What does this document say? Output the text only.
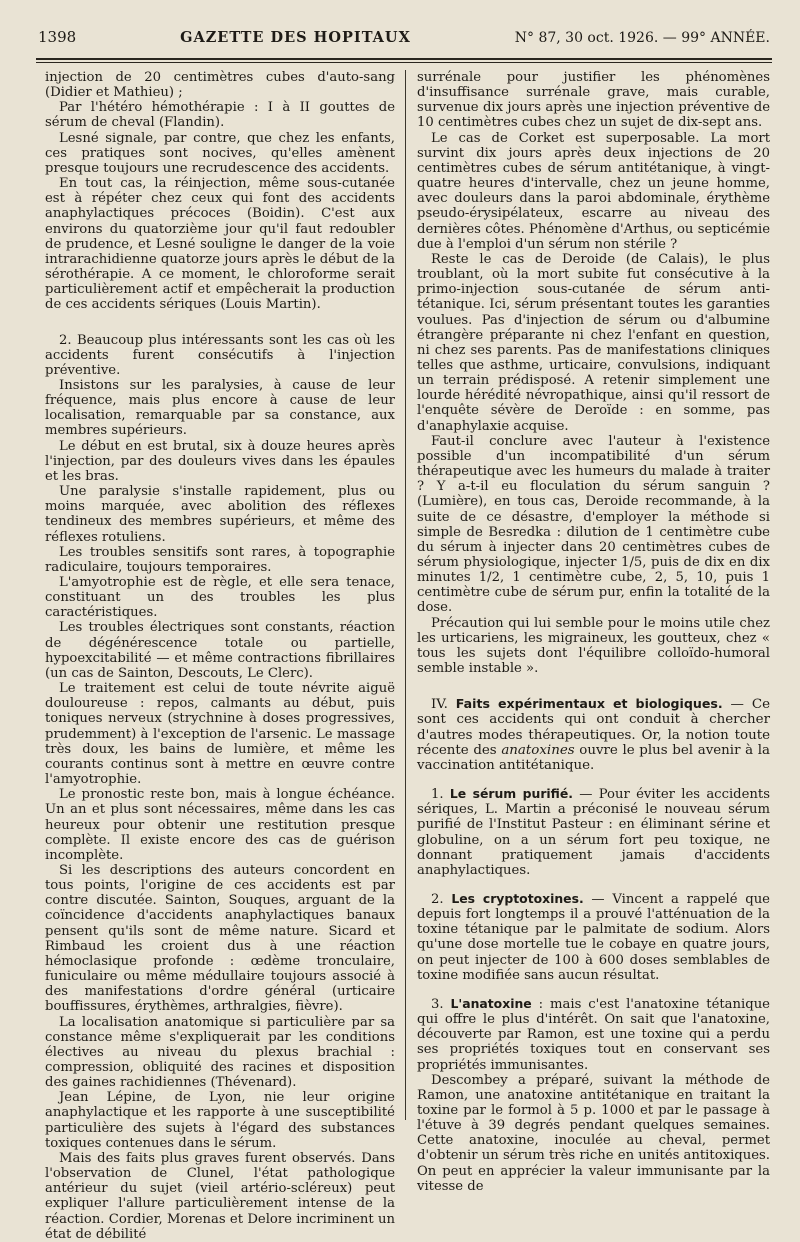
1398	GAZETTE DES HOPITAUX	N° 87, 30 oct. 1926. — 99° ANNÉE.

injection de 20 centimètres cubes d'auto-sang (Didier et Mathieu) ;

Par l'hétéro hémothérapie : I à II gouttes de sérum de cheval (Flandin).

Lesné signale, par contre, que chez les enfants, ces pratiques sont nocives, qu'elles amènent presque toujours une recrudescence des accidents.

En tout cas, la réinjection, même sous-cutanée est à répéter chez ceux qui font des accidents anaphylactiques précoces (Boidin). C'est aux environs du quatorzième jour qu'il faut redoubler de prudence, et Lesné souligne le danger de la voie intrarachidienne quatorze jours après le début de la sérothérapie. A ce moment, le chloroforme serait particulièrement actif et empêcherait la production de ces accidents sériques (Louis Martin).

2. Beaucoup plus intéressants sont les cas où les accidents furent consécutifs à l'injection préventive.

Insistons sur les paralysies, à cause de leur fréquence, mais plus encore à cause de leur localisation, remarquable par sa constance, aux membres supérieurs.

Le début en est brutal, six à douze heures après l'injection, par des douleurs vives dans les épaules et les bras.

Une paralysie s'installe rapidement, plus ou moins marquée, avec abolition des réflexes tendineux des membres supérieurs, et même des réflexes rotuliens.

Les troubles sensitifs sont rares, à topographie radiculaire, toujours temporaires.

L'amyotrophie est de règle, et elle sera tenace, constituant un des troubles les plus caractéristiques.

Les troubles électriques sont constants, réaction de dégénérescence totale ou partielle, hypoexcitabilité — et même contractions fibrillaires (un cas de Sainton, Descouts, Le Clerc).

Le traitement est celui de toute névrite aiguë douloureuse : repos, calmants au début, puis toniques nerveux (strychnine à doses progressives, prudemment) à l'exception de l'arsenic. Le massage très doux, les bains de lumière, et même les courants continus sont à mettre en œuvre contre l'amyotrophie.

Le pronostic reste bon, mais à longue échéance. Un an et plus sont nécessaires, même dans les cas heureux pour obtenir une restitution presque complète. Il existe encore des cas de guérison incomplète.

Si les descriptions des auteurs concordent en tous points, l'origine de ces accidents est par contre discutée. Sainton, Souques, arguant de la coïncidence d'accidents anaphylactiques banaux pensent qu'ils sont de même nature. Sicard et Rimbaud les croient dus à une réaction hémoclasique profonde : œdème tronculaire, funiculaire ou même médullaire toujours associé à des manifestations d'ordre général (urticaire bouffissures, érythèmes, arthralgies, fièvre).

La localisation anatomique si particulière par sa constance même s'expliquerait par les conditions électives au niveau du plexus brachial : compression, obliquité des racines et disposition des gaines rachidiennes (Thévenard).

Jean Lépine, de Lyon, nie leur origine anaphylactique et les rapporte à une susceptibilité particulière des sujets à l'égard des substances toxiques contenues dans le sérum.

Mais des faits plus graves furent observés. Dans l'observation de Clunel, l'état pathologique antérieur du sujet (vieil artério-scléreux) peut expliquer l'allure particulièrement intense de la réaction. Cordier, Morenas et Delore incriminent un état de débilité

surrénale pour justifier les phénomènes d'insuffisance surrénale grave, mais curable, survenue dix jours après une injection préventive de 10 centimètres cubes chez un sujet de dix-sept ans.

Le cas de Corket est superposable. La mort survint dix jours après deux injections de 20 centimètres cubes de sérum antitétanique, à vingt-quatre heures d'intervalle, chez un jeune homme, avec douleurs dans la paroi abdominale, érythème pseudo-érysipélateux, escarre au niveau des dernières côtes. Phénomène d'Arthus, ou septicémie due à l'emploi d'un sérum non stérile ?

Reste le cas de Deroide (de Calais), le plus troublant, où la mort subite fut consécutive à la primo-injection sous-cutanée de sérum anti-tétanique. Ici, sérum présentant toutes les garanties voulues. Pas d'injection de sérum ou d'albumine étrangère préparante ni chez l'enfant en question, ni chez ses parents. Pas de manifestations cliniques telles que asthme, urticaire, convulsions, indiquant un terrain prédisposé. A retenir simplement une lourde hérédité névropathique, ainsi qu'il ressort de l'enquête sévère de Deroïde : en somme, pas d'anaphylaxie acquise.

Faut-il conclure avec l'auteur à l'existence possible d'un incompatibilité d'un sérum thérapeutique avec les humeurs du malade à traiter ? Y a-t-il eu floculation du sérum sanguin ? (Lumière), en tous cas, Deroide recommande, à la suite de ce désastre, d'employer la méthode si simple de Besredka : dilution de 1 centimètre cube du sérum à injecter dans 20 centimètres cubes de sérum physiologique, injecter 1/5, puis de dix en dix minutes 1/2, 1 centimètre cube, 2, 5, 10, puis 1 centimètre cube de sérum pur, enfin la totalité de la dose.

Précaution qui lui semble pour le moins utile chez les urticariens, les migraineux, les goutteux, chez « tous les sujets dont l'équilibre colloïdo-humoral semble instable ».

IV. Faits expérimentaux et biologiques. — Ce sont ces accidents qui ont conduit à chercher d'autres modes thérapeutiques. Or, la notion toute récente des anatoxines ouvre le plus bel avenir à la vaccination antitétanique.

1. Le sérum purifié. — Pour éviter les accidents sériques, L. Martin a préconisé le nouveau sérum purifié de l'Institut Pasteur : en éliminant sérine et globuline, on a un sérum fort peu toxique, ne donnant pratiquement jamais d'accidents anaphylactiques.

2. Les cryptotoxines. — Vincent a rappelé que depuis fort longtemps il a prouvé l'atténuation de la toxine tétanique par le palmitate de sodium. Alors qu'une dose mortelle tue le cobaye en quatre jours, on peut injecter de 100 à 600 doses semblables de toxine modifiée sans aucun résultat.

3. L'anatoxine : mais c'est l'anatoxine tétanique qui offre le plus d'intérêt. On sait que l'anatoxine, découverte par Ramon, est une toxine qui a perdu ses propriétés toxiques tout en conservant ses propriétés immunisantes.

Descombey a préparé, suivant la méthode de Ramon, une anatoxine antitétanique en traitant la toxine par le formol à 5 p. 1000 et par le passage à l'étuve à 39 degrés pendant quelques semaines. Cette anatoxine, inoculée au cheval, permet d'obtenir un sérum très riche en unités antitoxiques. On peut en apprécier la valeur immunisante par la vitesse de
